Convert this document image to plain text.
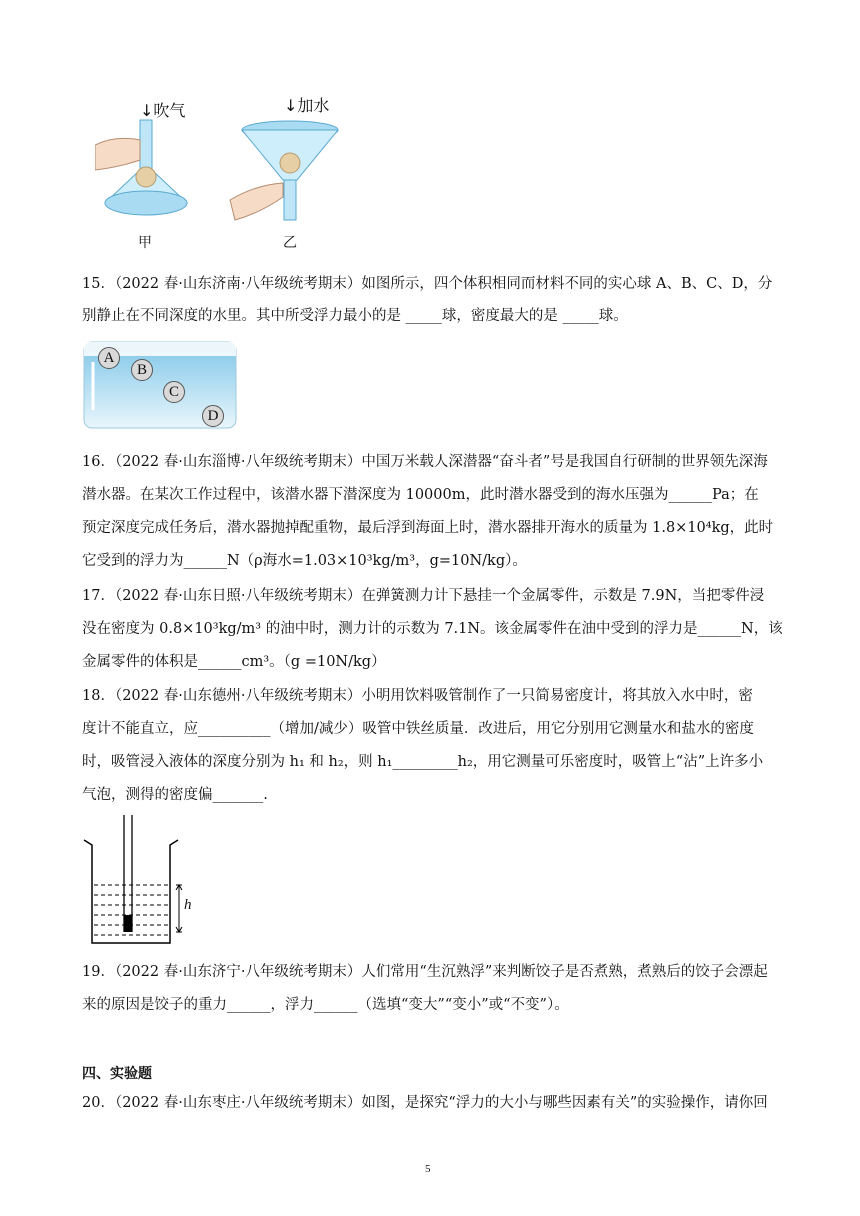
↓吹气	↓加水
甲	乙
15．（2022 春·山东济南·八年级统考期末）如图所示，四个体积相同而材料不同的实心球 A、B、C、D，分
别静止在不同深度的水里。其中所受浮力最小的是 _____球，密度最大的是 _____球。
A
B
C
D
16．（2022 春·山东淄博·八年级统考期末）中国万米载人深潜器“奋斗者”号是我国自行研制的世界领先深海
潜水器。在某次工作过程中，该潜水器下潜深度为 10000m，此时潜水器受到的海水压强为______Pa；在
预定深度完成任务后，潜水器抛掉配重物，最后浮到海面上时，潜水器排开海水的质量为 1.8×10⁴kg，此时
它受到的浮力为______N（ρ海水=1.03×10³kg/m³，g=10N/kg）。
17．（2022 春·山东日照·八年级统考期末）在弹簧测力计下悬挂一个金属零件，示数是 7.9N，当把零件浸
没在密度为 0.8×10³kg/m³ 的油中时，测力计的示数为 7.1N。该金属零件在油中受到的浮力是______N，该
金属零件的体积是______cm³。（g =10N/kg）
18．（2022 春·山东德州·八年级统考期末）小明用饮料吸管制作了一只简易密度计，将其放入水中时，密
度计不能直立，应__________（增加/减少）吸管中铁丝质量．改进后，用它分别用它测量水和盐水的密度
时，吸管浸入液体的深度分别为 h₁ 和 h₂，则 h₁_________h₂，用它测量可乐密度时，吸管上“沾”上许多小
气泡，测得的密度偏_______.
h
19．（2022 春·山东济宁·八年级统考期末）人们常用“生沉熟浮”来判断饺子是否煮熟，煮熟后的饺子会漂起
来的原因是饺子的重力______，浮力______（选填“变大”“变小”或“不变”）。
四、实验题
20．（2022 春·山东枣庄·八年级统考期末）如图，是探究“浮力的大小与哪些因素有关”的实验操作，请你回
5
